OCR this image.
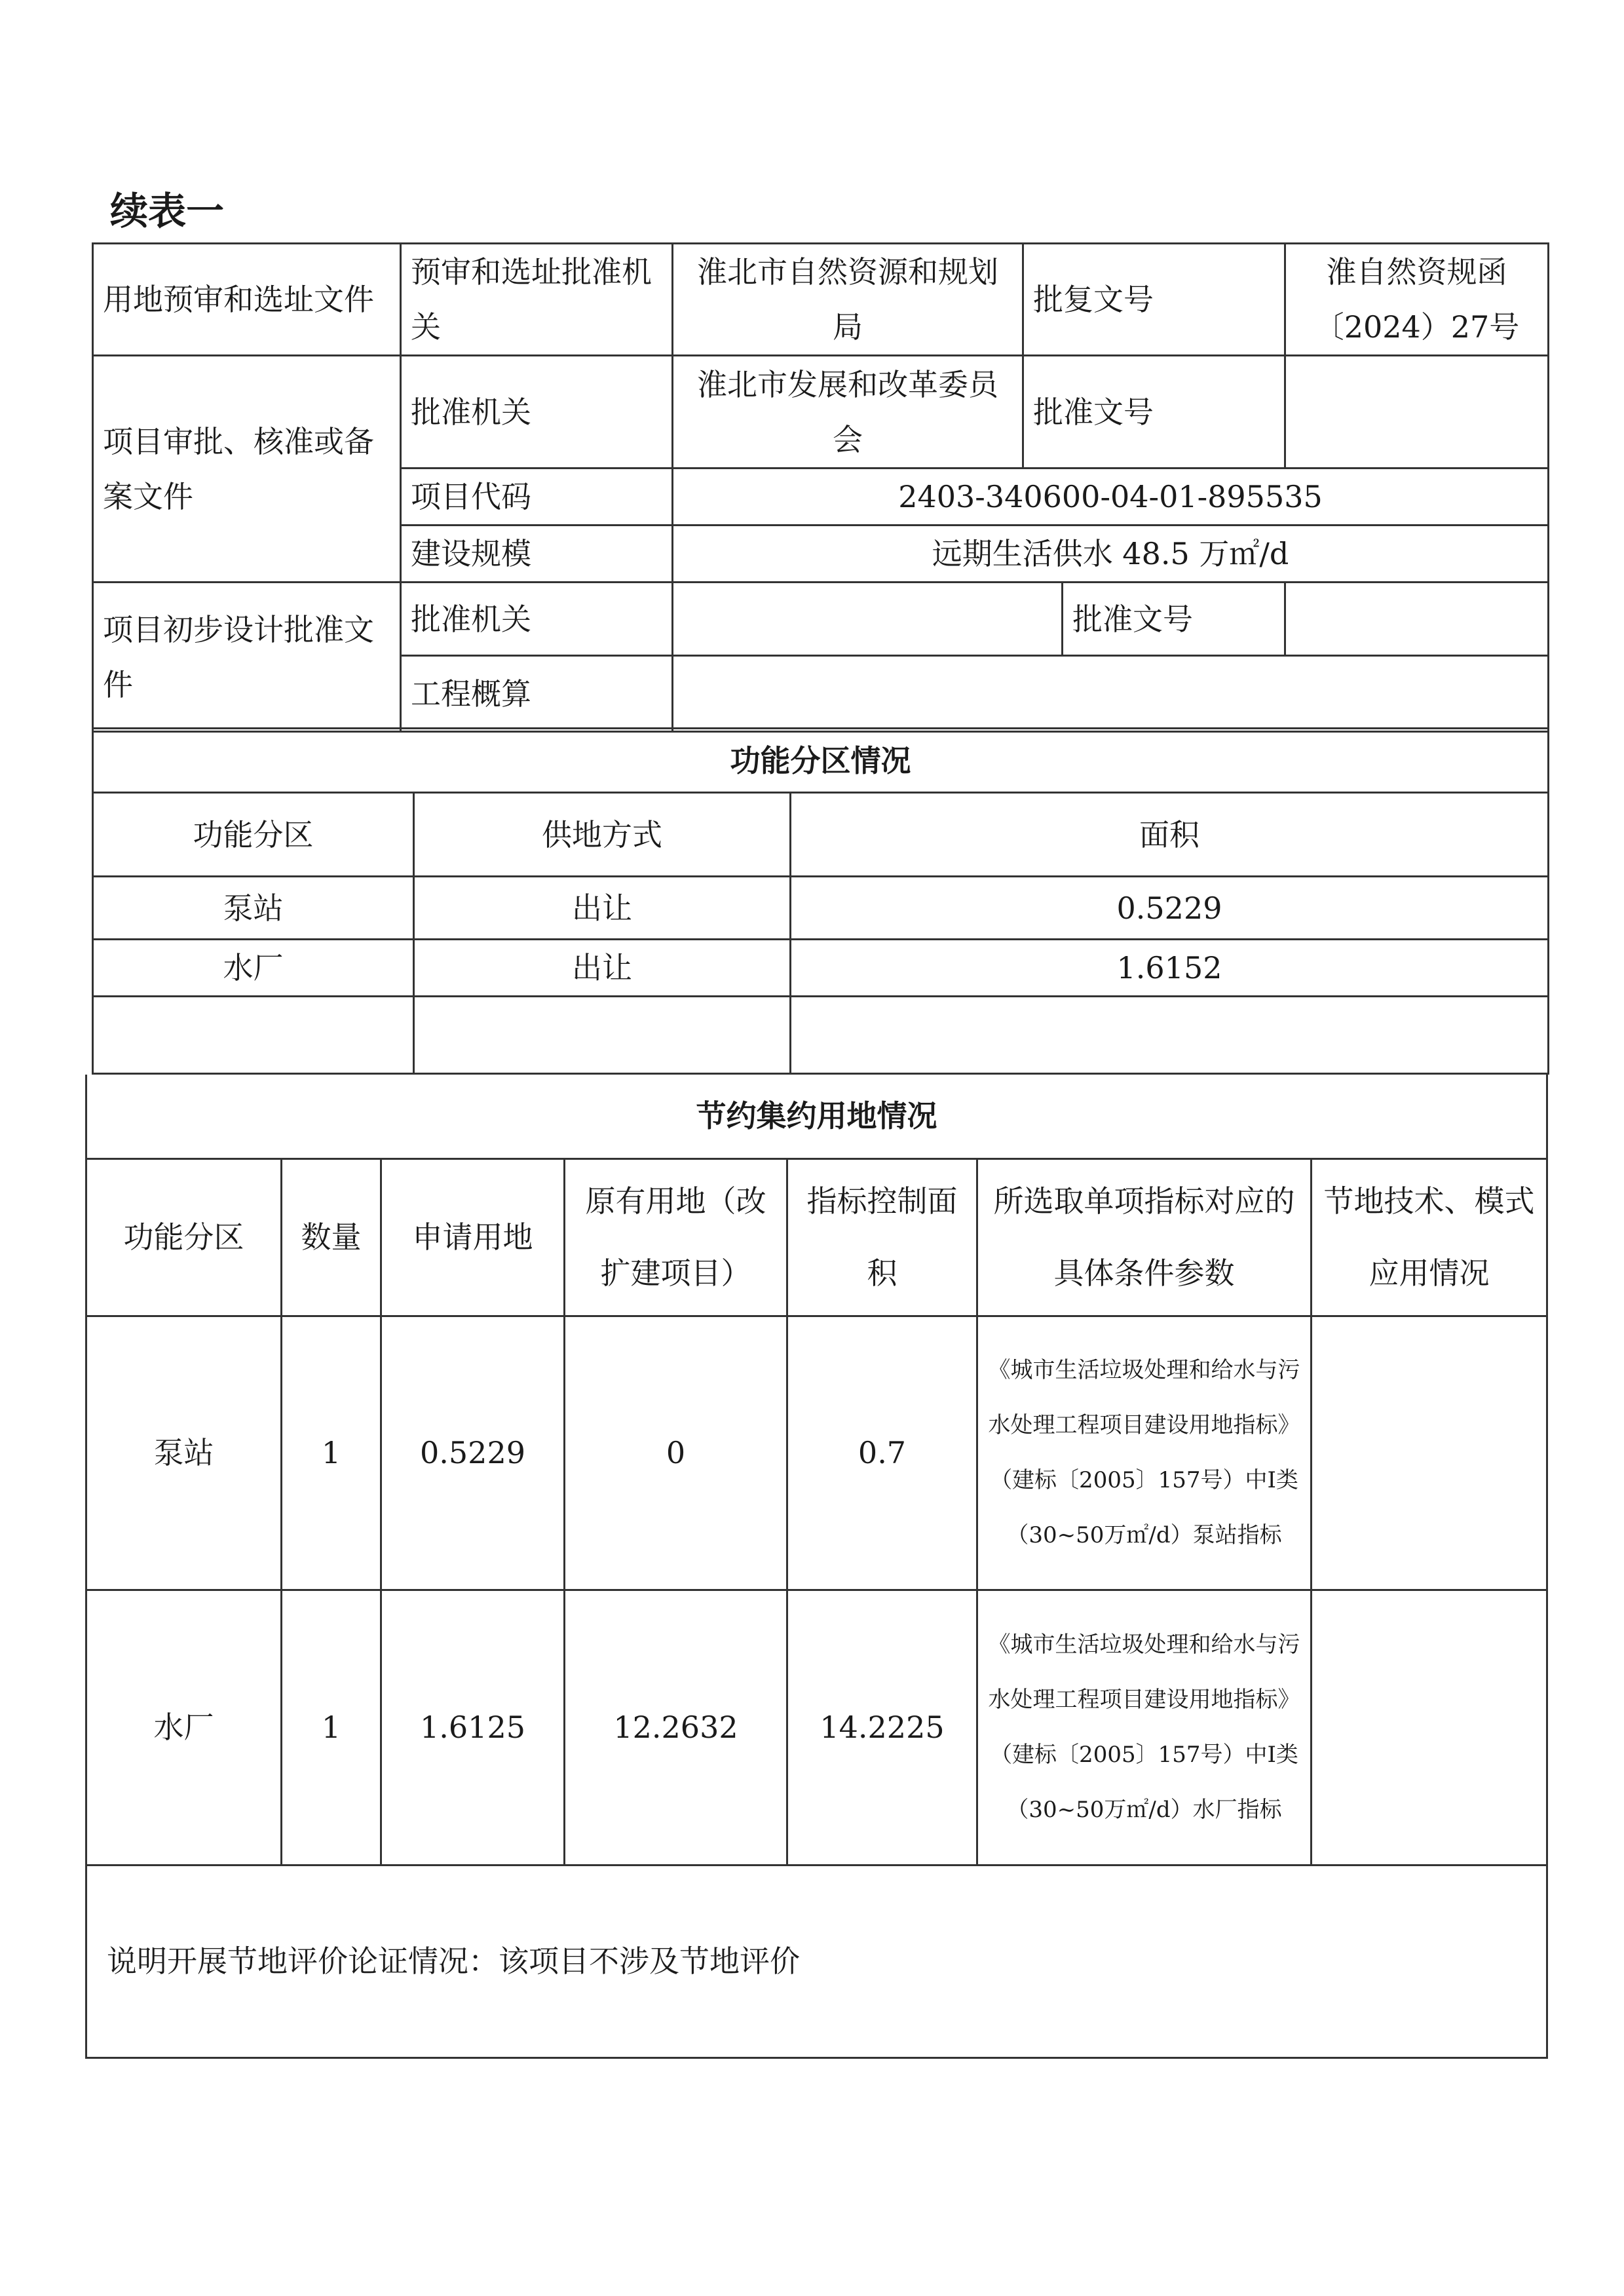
续表一
用地预审和选址文件	预审和选址批准机关	淮北市自然资源和规划局	批复文号		淮自然资规函〔2024）27号
项目审批、核准或备案文件	批准机关	淮北市发展和改革委员会	批准文号		
	项目代码	2403-340600-04-01-895535			
	建设规模	远期生活供水 48.5 万㎡/d			
项目初步设计批准文件	批准机关			批准文号	
	工程概算				
功能分区情况		
功能分区	供地方式	面积
泵站	出让	0.5229
水厂	出让	1.6152

节约集约用地情况						
功能分区	数量	申请用地	原有用地（改扩建项目）	指标控制面积	所选取单项指标对应的具体条件参数	节地技术、模式应用情况
泵站	1	0.5229	0	0.7	《城市生活垃圾处理和给水与污水处理工程项目建设用地指标》（建标〔2005〕157号）中Ⅰ类（30~50万㎡/d）泵站指标	
水厂	1	1.6125	12.2632	14.2225	《城市生活垃圾处理和给水与污水处理工程项目建设用地指标》（建标〔2005〕157号）中Ⅰ类（30~50万㎡/d）水厂指标	
说明开展节地评价论证情况：该项目不涉及节地评价						
